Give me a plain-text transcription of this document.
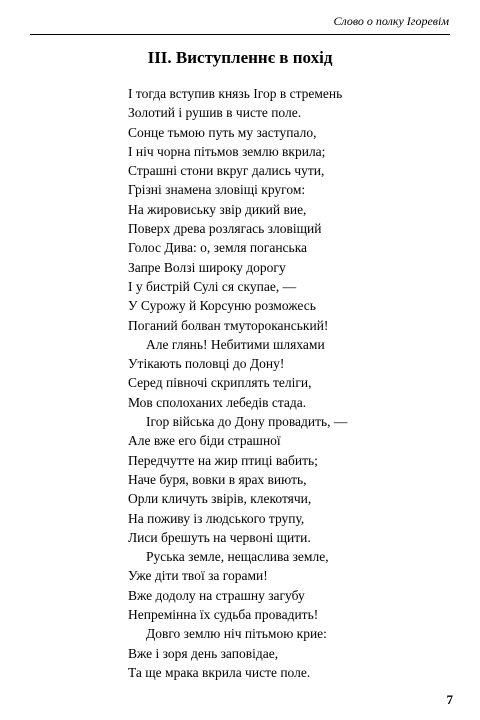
Слово о полку Ігоревім
III. Виступленнє в похід
І тогда вступив князь Ігор в стремень
Золотий і рушив в чисте поле.
Сонце тьмою путь му заступало,
І ніч чорна пітьмов землю вкрила;
Страшні стони вкруг дались чути,
Грізні знамена зловіщі кругом:
На жировиську звір дикий вие,
Поверх древа розлягась зловіщий
Голос Дива: о, земля поганська
Запре Волзі широку дорогу
І у бистрій Сулі ся скупае, —
У Сурожу й Корсуню розможесь
Поганий болван тмутороканський!
Але глянь! Небитими шляхами
Утікають половці до Дону!
Серед півночі скриплять теліги,
Мов сполоханих лебедів стада.
Ігор війська до Дону провадить, —
Але вже его біди страшної
Передчутте на жир птиці вабить;
Наче буря, вовки в ярах виють,
Орли кличуть звірів, клекотячи,
На поживу із людського трупу,
Лиси брешуть на червоні щити.
Руська земле, нещаслива земле,
Уже діти твої за горами!
Вже додолу на страшну загубу
Непремінна їх судьба провадить!
Довго землю ніч пітьмою крие:
Вже і зоря день заповідае,
Та ще мрака вкрила чисте поле.
7
